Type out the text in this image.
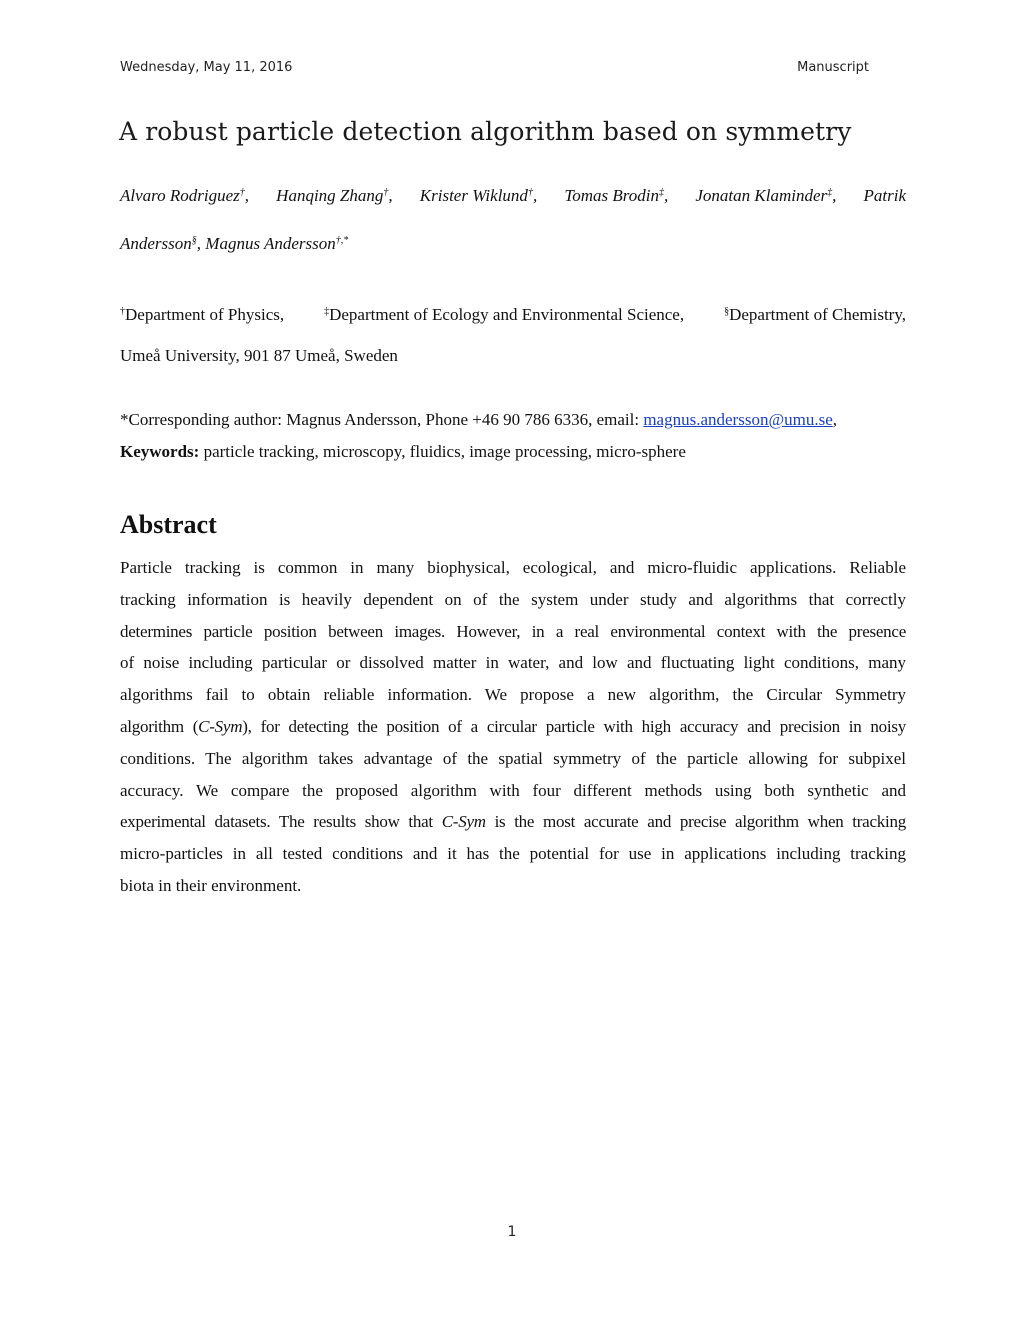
Wednesday, May 11, 2016	Manuscript
A robust particle detection algorithm based on symmetry
Alvaro Rodriguez†, Hanqing Zhang†, Krister Wiklund†, Tomas Brodin‡, Jonatan Klaminder‡, Patrik
Andersson§, Magnus Andersson†,*
†Department of Physics,	‡Department of Ecology and Environmental Science,	§Department of Chemistry,
Umeå University, 901 87 Umeå, Sweden
*Corresponding author: Magnus Andersson, Phone +46 90 786 6336, email: magnus.andersson@umu.se,
Keywords: particle tracking, microscopy, fluidics, image processing, micro-sphere
Abstract
Particle tracking is common in many biophysical, ecological, and micro-fluidic applications. Reliable
tracking information is heavily dependent on of the system under study and algorithms that correctly
determines particle position between images. However, in a real environmental context with the presence
of noise including particular or dissolved matter in water, and low and fluctuating light conditions, many
algorithms fail to obtain reliable information. We propose a new algorithm, the Circular Symmetry
algorithm (C-Sym), for detecting the position of a circular particle with high accuracy and precision in noisy
conditions. The algorithm takes advantage of the spatial symmetry of the particle allowing for subpixel
accuracy. We compare the proposed algorithm with four different methods using both synthetic and
experimental datasets. The results show that C-Sym is the most accurate and precise algorithm when tracking
micro-particles in all tested conditions and it has the potential for use in applications including tracking
biota in their environment.
1
